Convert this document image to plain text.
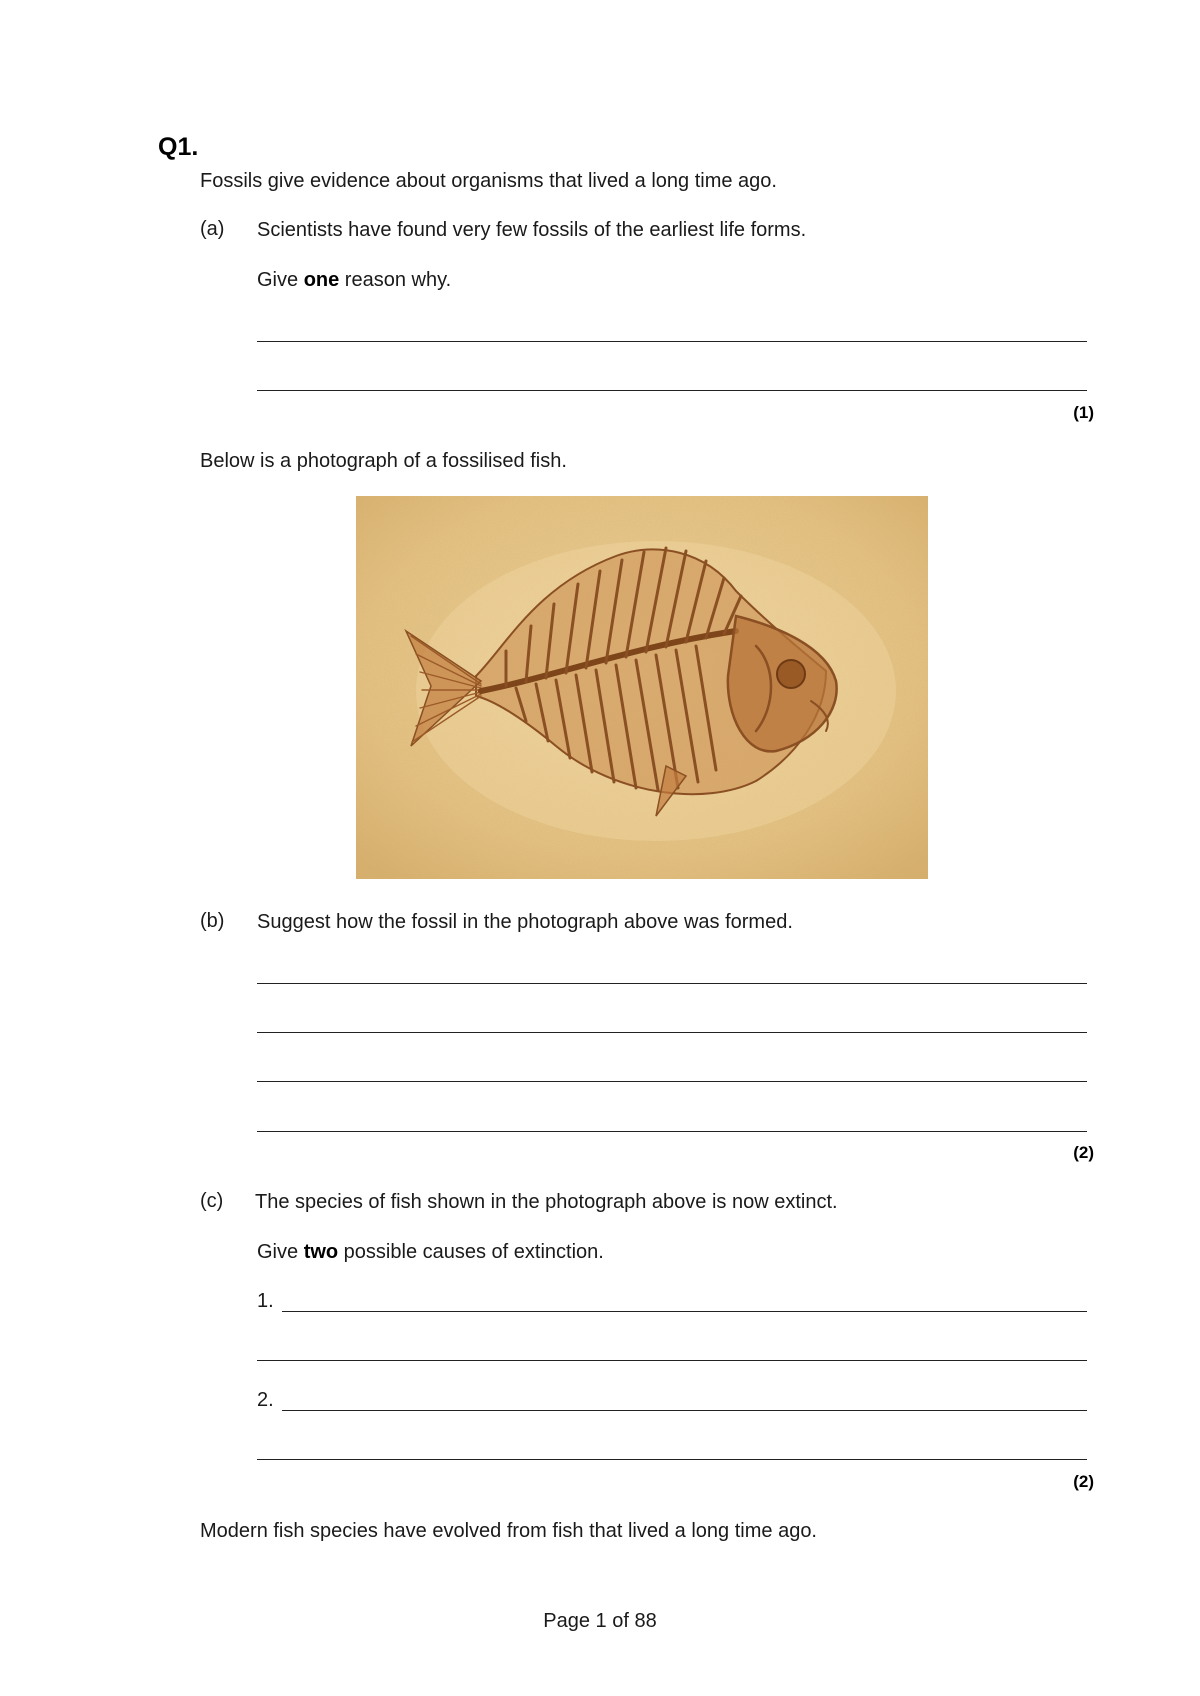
Q1.
Fossils give evidence about organisms that lived a long time ago.
(a) Scientists have found very few fossils of the earliest life forms.
Give one reason why.
(1)
Below is a photograph of a fossilised fish.
(b) Suggest how the fossil in the photograph above was formed.
(2)
(c) The species of fish shown in the photograph above is now extinct.
Give two possible causes of extinction.
1.
2.
(2)
Modern fish species have evolved from fish that lived a long time ago.
Page 1 of 88
